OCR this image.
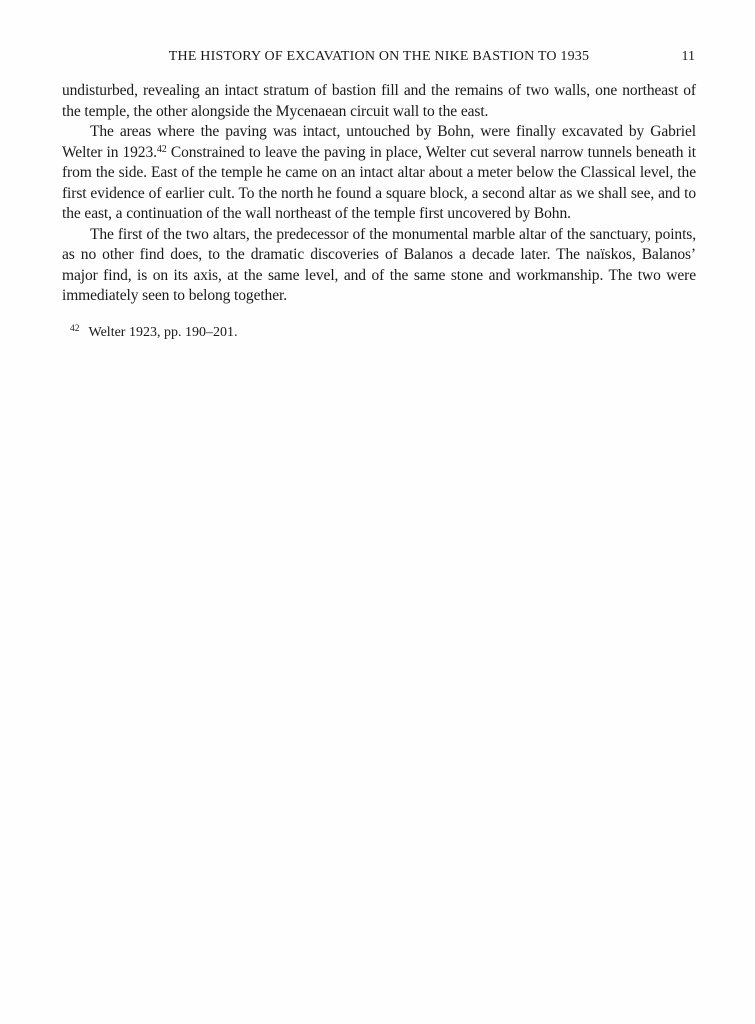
THE HISTORY OF EXCAVATION ON THE NIKE BASTION TO 1935	11

undisturbed, revealing an intact stratum of bastion fill and the remains of two walls, one northeast of the temple, the other alongside the Mycenaean circuit wall to the east.

The areas where the paving was intact, untouched by Bohn, were finally excavated by Gabriel Welter in 1923.42 Constrained to leave the paving in place, Welter cut several narrow tunnels beneath it from the side. East of the temple he came on an intact altar about a meter below the Classical level, the first evidence of earlier cult. To the north he found a square block, a second altar as we shall see, and to the east, a continuation of the wall northeast of the temple first uncovered by Bohn.

The first of the two altars, the predecessor of the monumental marble altar of the sanctuary, points, as no other find does, to the dramatic discoveries of Balanos a decade later. The naïskos, Balanos’ major find, is on its axis, at the same level, and of the same stone and workmanship. The two were immediately seen to belong together.

$^{42}$ Welter 1923, pp. 190–201.
